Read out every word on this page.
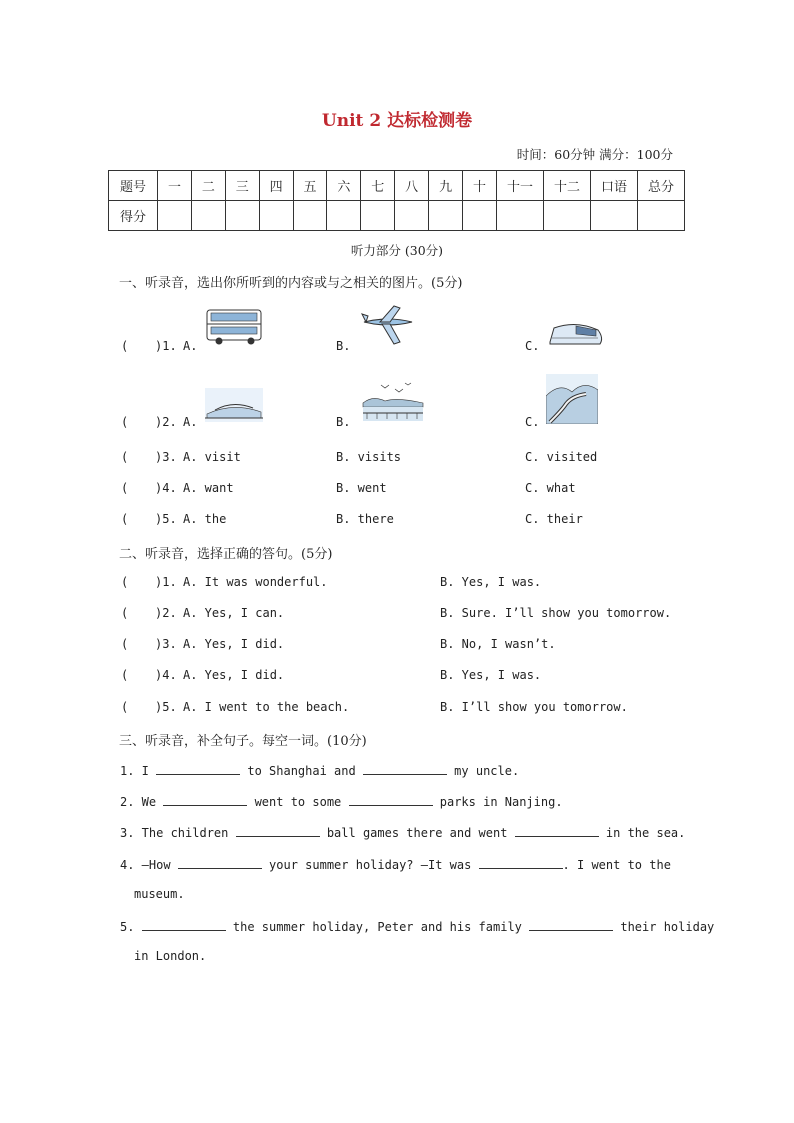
Unit 2 达标检测卷
时间：60分钟 满分：100分
题号	一	二	三	四	五	六	七	八	九	十	十一	十二	口语	总分
得分														
听力部分 (30分)
一、听录音，选出你所听到的内容或与之相关的图片。(5分)
( )1. A.	B.	C.
( )2. A.	B.	C.
( )3. A. visit	B. visits	C. visited
( )4. A. want	B. went	C. what
( )5. A. the	B. there	C. their
二、听录音，选择正确的答句。(5分)
( )1. A. It was wonderful.	B. Yes, I was.
( )2. A. Yes, I can.	B. Sure. I’ll show you tomorrow.
( )3. A. Yes, I did.	B. No, I wasn’t.
( )4. A. Yes, I did.	B. Yes, I was.
( )5. A. I went to the beach.	B. I’ll show you tomorrow.
三、听录音，补全句子。每空一词。(10分)
1. I	to Shanghai and	my uncle.
2. We	went to some	parks in Nanjing.
3. The children	ball games there and went	in the sea.
4. —How	your summer holiday? —It was	. I went to the
museum.
5.	the summer holiday, Peter and his family	their holiday
in London.
